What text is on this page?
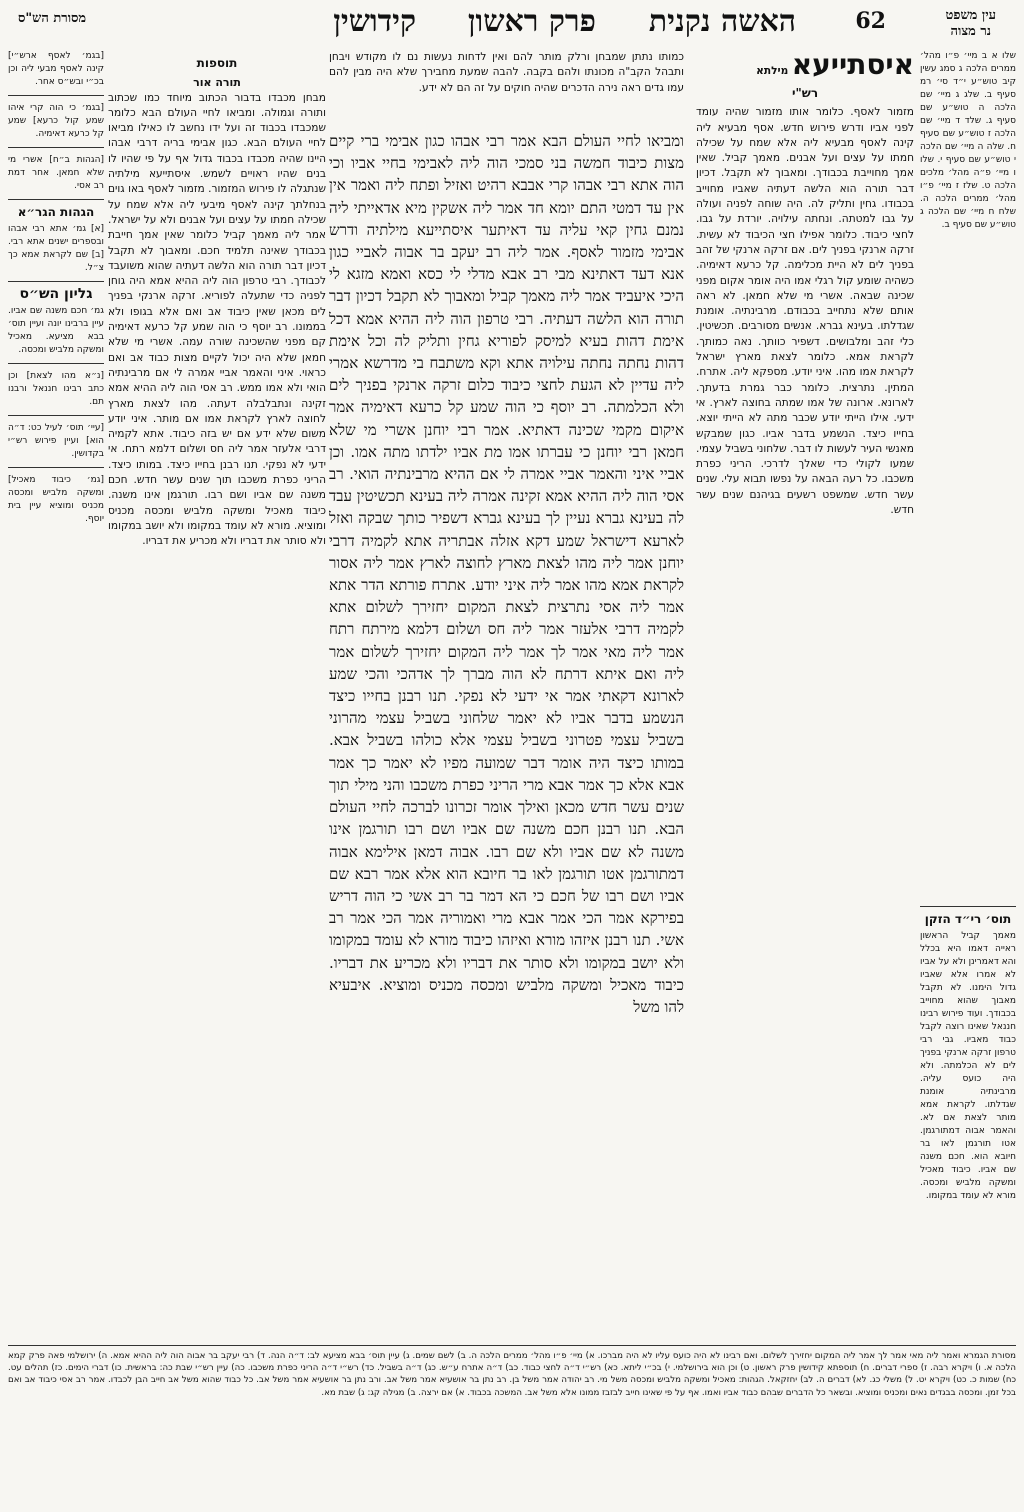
עין משפט
נר מצוה
62
האשה נקנית
פרק ראשון
קידושין
מסורת הש"ס
שלו א ב מיי׳ פ״ו מהל׳ ממרים הלכה ג סמג עשין קיב טוש״ע י״ד סי׳ רמ סעיף ב. שלג ג מיי׳ שם הלכה ה טוש״ע שם סעיף ג. שלד ד מיי׳ שם הלכה ז טוש״ע שם סעיף ח. שלה ה מיי׳ שם הלכה י טוש״ע שם סעיף י. שלו ו מיי׳ פ״ה מהל׳ מלכים הלכה ט. שלז ז מיי׳ פ״ו מהל׳ ממרים הלכה ה. שלח ח מיי׳ שם הלכה ג טוש״ע שם סעיף ב.
איסתייעא מילתא
רש"י
מזמור לאסף. כלומר אותו מזמור שהיה עומד לפני אביו ודרש פירוש חדש. אסף מבעיא ליה קינה לאסף מבעיא ליה אלא שמח על שכילה חמתו על עצים ועל אבנים. מאמך קביל. שאין אמך מחוייבת בכבודך. ומאבוך לא תקבל. דכיון דבר תורה הוא הלשה דעתיה שאביו מחוייב בכבודו. גחין ותליק לה. היה שוחה לפניה ועולה על גבו למטתה. ונחתה עילויה. יורדת על גבו. לחצי כיבוד. כלומר אפילו חצי הכיבוד לא עשית. זרקה ארנקי בפניך לים. אם זרקה ארנקי של זהב בפניך לים לא היית מכלימה. קל כרעא דאימיה. כשהיה שומע קול רגלי אמו היה אומר אקום מפני שכינה שבאה. אשרי מי שלא חמאן. לא ראה אותם שלא נתחייב בכבודם. מרבינתיה. אומנת שגדלתו. בעינא גברא. אנשים מסורבים. תכשיטין. כלי זהב ומלבושים. דשפיר כוותך. נאה כמותך. לקראת אמא. כלומר לצאת מארץ ישראל לקראת אמו מהו. איני יודע. מספקא ליה. אתרח. המתין. נתרצית. כלומר כבר גמרת בדעתך. לארונא. ארונה של אמו שמתה בחוצה לארץ. אי ידעי. אילו הייתי יודע שכבר מתה לא הייתי יוצא. בחייו כיצד. הנשמע בדבר אביו. כגון שמבקש מאנשי העיר לעשות לו דבר. שלחוני בשביל עצמי. שמעו לקולי כדי שאלך לדרכי. הריני כפרת משכבו. כל רעה הבאה על נפשו תבוא עלי. שנים עשר חדש. שמשפט רשעים בגיהנם שנים עשר חדש.
כמותו נתתן שמבחן ורלק מותר להם ואין לדחות נעשות נם לו מקודש ויבחן ותבהל הקב"ה מכונתו ולהם בקבה. להבה שמעת מחבירך שלא היה מבין להם עמו גדים ראה נירה הדכרים שהיה חוקים על זה הם לא ידע.
ומביאו לחיי העולם הבא אמר רבי אבהו כגון אבימי ברי קיים מצות כיבוד חמשה בני סמכי הוה ליה לאבימי בחיי אביו וכי הוה אתא רבי אבהו קרי אבבא רהיט ואזיל ופתח ליה ואמר אין אין עד דמטי התם יומא חד אמר ליה אשקין מיא אדאייתי ליה נמנם גחין קאי עליה עד דאיתער איסתייעא מילתיה ודרש אבימי מזמור לאסף. אמר ליה רב יעקב בר אבוה לאביי כגון אנא דעד דאתינא מבי רב אבא מדלי לי כסא ואמא מזגא לי היכי איעביד אמר ליה מאמך קביל ומאבוך לא תקבל דכיון דבר תורה הוא הלשה דעתיה. רבי טרפון הוה ליה ההיא אמא דכל אימת דהות בעיא למיסק לפוריא גחין ותליק לה וכל אימת דהות נחתה נחתה עילויה אתא וקא משתבח בי מדרשא אמרי ליה עדיין לא הגעת לחצי כיבוד כלום זרקה ארנקי בפניך לים ולא הכלמתה. רב יוסף כי הוה שמע קל כרעא דאימיה אמר איקום מקמי שכינה דאתיא. אמר רבי יוחנן אשרי מי שלא חמאן רבי יוחנן כי עברתו אמו מת אביו ילדתו מתה אמו. וכן אביי איני והאמר אביי אמרה לי אם ההיא מרבינתיה הואי. רב אסי הוה ליה ההיא אמא זקינה אמרה ליה בעינא תכשיטין עבד לה בעינא גברא נעיין לך בעינא גברא דשפיר כותך שבקה ואזל לארעא דישראל שמע דקא אזלה אבתריה אתא לקמיה דרבי יוחנן אמר ליה מהו לצאת מארץ לחוצה לארץ אמר ליה אסור לקראת אמא מהו אמר ליה איני יודע. אתרח פורתא הדר אתא אמר ליה אסי נתרצית לצאת המקום יחזירך לשלום אתא לקמיה דרבי אלעזר אמר ליה חס ושלום דלמא מירתח רתח אמר ליה מאי אמר לך אמר ליה המקום יחזירך לשלום אמר ליה ואם איתא דרתח לא הוה מברך לך אדהכי והכי שמע לארונא דקאתי אמר אי ידעי לא נפקי. תנו רבנן בחייו כיצד הנשמע בדבר אביו לא יאמר שלחוני בשביל עצמי מהרוני בשביל עצמי פטרוני בשביל עצמי אלא כולהו בשביל אבא. במותו כיצד היה אומר דבר שמועה מפיו לא יאמר כך אמר אבא אלא כך אמר אבא מרי הריני כפרת משכבו והני מילי תוך שנים עשר חדש מכאן ואילך אומר זכרונו לברכה לחיי העולם הבא. תנו רבנן חכם משנה שם אביו ושם רבו תורגמן אינו משנה לא שם אביו ולא שם רבו. אבוה דמאן אילימא אבוה דמתורגמן אטו תורגמן לאו בר חיובא הוא אלא אמר רבא שם אביו ושם רבו של חכם כי הא דמר בר רב אשי כי הוה דריש בפירקא אמר הכי אמר אבא מרי ואמוריה אמר הכי אמר רב אשי. תנו רבנן איזהו מורא ואיזהו כיבוד מורא לא עומד במקומו ולא יושב במקומו ולא סותר את דבריו ולא מכריע את דבריו. כיבוד מאכיל ומשקה מלביש ומכסה מכניס ומוציא. איבעיא להו משל
תוספות
תורה אור
מבחן מכבדו בדבור הכתוב מיוחד כמו שכתוב ותורה וגמולה. ומביאו לחיי העולם הבא כלומר שמכבדו בכבוד זה ועל ידו נחשב לו כאילו מביאו לחיי העולם הבא. כגון אבימי בריה דרבי אבהו היינו שהיה מכבדו בכבוד גדול אף על פי שהיו לו בנים שהיו ראויים לשמש. איסתייעא מילתיה שנתגלה לו פירוש המזמור. מזמור לאסף באו גוים בנחלתך קינה לאסף מיבעי ליה אלא שמח על שכילה חמתו על עצים ועל אבנים ולא על ישראל. אמר ליה מאמך קביל כלומר שאין אמך חייבת בכבודך שאינה תלמיד חכם. ומאבוך לא תקבל דכיון דבר תורה הוא הלשה דעתיה שהוא משועבד לכבודך. רבי טרפון הוה ליה ההיא אמא היה גוחן לפניה כדי שתעלה לפוריא. זרקה ארנקי בפניך לים מכאן שאין כיבוד אב ואם אלא בגופו ולא בממונו. רב יוסף כי הוה שמע קל כרעא דאימיה קם מפני שהשכינה שורה עמה. אשרי מי שלא חמאן שלא היה יכול לקיים מצות כבוד אב ואם כראוי. איני והאמר אביי אמרה לי אם מרבינתיה הואי ולא אמו ממש. רב אסי הוה ליה ההיא אמא זקינה ונתבלבלה דעתה. מהו לצאת מארץ לחוצה לארץ לקראת אמו אם מותר. איני יודע משום שלא ידע אם יש בזה כיבוד. אתא לקמיה דרבי אלעזר אמר ליה חס ושלום דלמא רתח. אי ידעי לא נפקי. תנו רבנן בחייו כיצד. במותו כיצד. הריני כפרת משכבו תוך שנים עשר חדש. חכם משנה שם אביו ושם רבו. תורגמן אינו משנה. כיבוד מאכיל ומשקה מלביש ומכסה מכניס ומוציא. מורא לא עומד במקומו ולא יושב במקומו ולא סותר את דבריו ולא מכריע את דבריו.
[בגמ׳ לאסף ארש״י] קינה לאסף מבעי ליה וכן בכ״י ובש״ס אחר.
[בגמ׳ כי הוה קרי איהו שמע קול כרעא] שמע קל כרעא דאימיה.
[הגהות ב״ח] אשרי מי שלא חמאן. אחר דמת רב אסי.
הגהות הגר״א
[א] גמ׳ אתא רבי אבהו ובספרים ישנים אתא רבי. [ב] שם לקראת אמא כך צ״ל.
גליון הש״ס
גמ׳ חכם משנה שם אביו. עיין ברבינו יונה ועיין תוס׳ בבא מציעא. מאכיל ומשקה מלביש ומכסה.
[נ״א מהו לצאת] וכן כתב רבינו חננאל ורבנו תם.
[עיי׳ תוס׳ לעיל כט: ד״ה הוא] ועיין פירוש רש״י בקדושין.
[גמ׳ כיבוד מאכיל] ומשקה מלביש ומכסה מכניס ומוציא עיין בית יוסף.
תוס׳ רי״ד הזקן
מאמך קביל הראשון ראייה דאמו היא בכלל והא דאמרינן ולא על אביו לא אמרו אלא שאביו גדול הימנו. לא תקבל מאבוך שהוא מחוייב בכבודך. ועוד פירוש רבינו חננאל שאינו רוצה לקבל כבוד מאביו. גבי רבי טרפון זרקה ארנקי בפניך לים לא הכלמתה. ולא היה כועס עליה. מרבינתיה אומנת שגדלתו. לקראת אמא מותר לצאת אם לא. והאמר אבוה דמתורגמן. אטו תורגמן לאו בר חיובא הוא. חכם משנה שם אביו. כיבוד מאכיל ומשקה מלביש ומכסה. מורא לא עומד במקומו.
מסורת הגמרא ואמר ליה מאי אמר לך אמר ליה המקום יחזירך לשלום. ואם רבינו לא היה כועס עליו לא היה מברכו. א) מיי׳ פ״ו מהל׳ ממרים הלכה ה. ב) לשם שמים. ג) עיין תוס׳ בבא מציעא לב: ד״ה הנה. ד) רבי יעקב בר אבוה הוה ליה ההיא אמא. ה) ירושלמי פאה פרק קמא הלכה א. ו) ויקרא רבה. ז) ספרי דברים. ח) תוספתא קידושין פרק ראשון. ט) וכן הוא בירושלמי. י) בכ״י ליתא. כא) רש״י ד״ה לחצי כבוד. כב) ד״ה אתרח ע״ש. כג) ד״ה בשביל. כד) רש״י ד״ה הריני כפרת משכבו. כה) עיין רש״י שבת כה: בראשית. כו) דברי הימים. כז) תהלים עט. כח) שמות כ. כט) ויקרא יט. ל) משלי כג. לא) דברים ה. לב) יחזקאל. הגהות: מאכיל ומשקה מלביש ומכסה משל מי. רב יהודה אמר משל בן. רב נתן בר אושעיא אמר משל אב. ורב נתן בר אושעיא אמר משל אב. כל כבוד שהוא משל אב חייב הבן לכבדו. אמר רב אסי כיבוד אב ואם בכל זמן. ומכסה בבגדים נאים ומכניס ומוציא. ובשאר כל הדברים שבהם כבוד אביו ואמו. אף על פי שאינו חייב לבזבז ממונו אלא משל אב. המשכה בכבוד. א) אם ירצה. ב) מגילה קג: ג) שבת מא.
